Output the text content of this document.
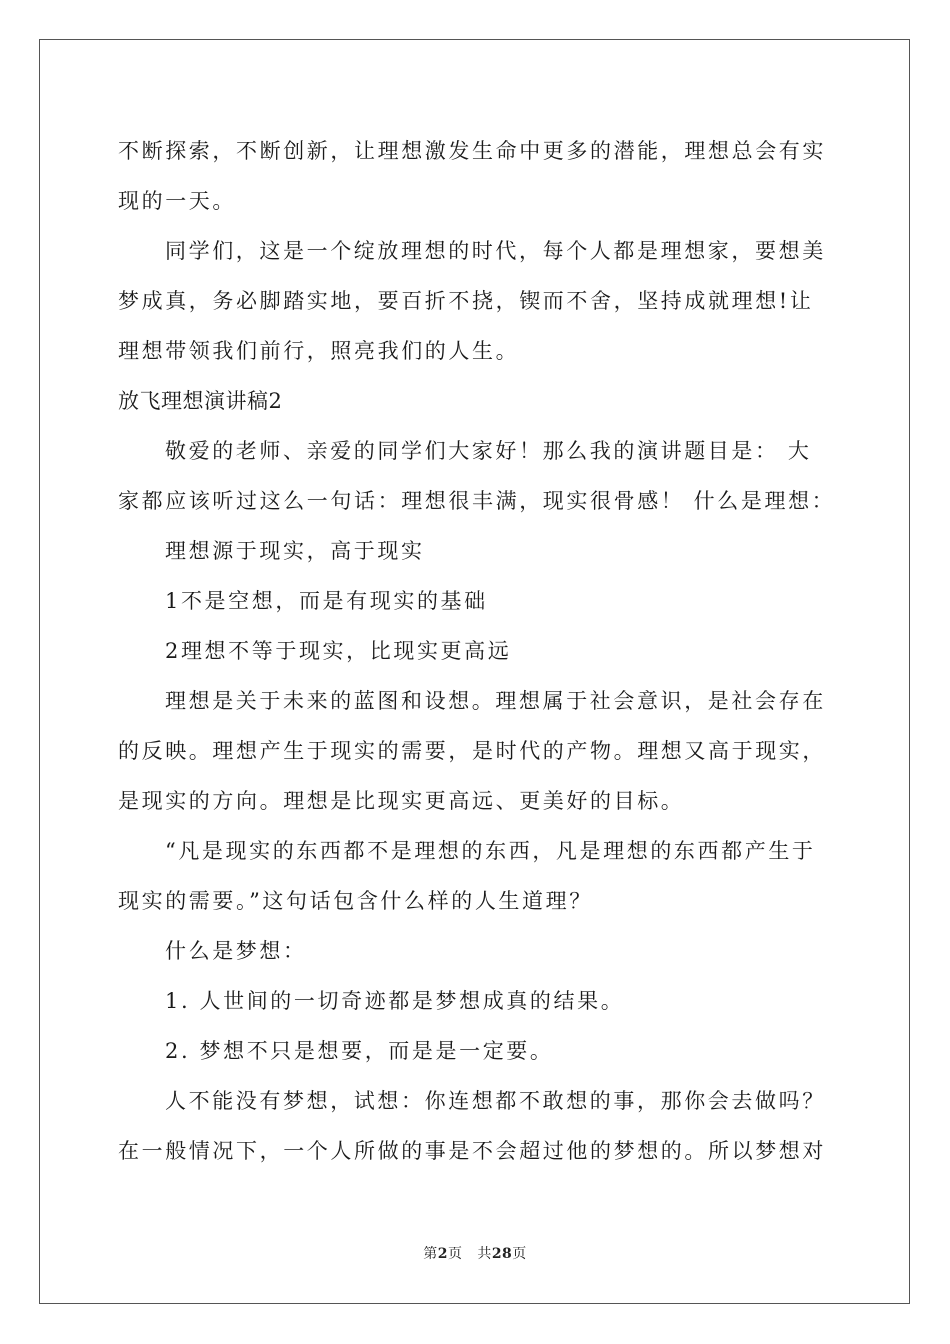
不断探索，不断创新，让理想激发生命中更多的潜能，理想总会有实
现的一天。
同学们，这是一个绽放理想的时代，每个人都是理想家，要想美
梦成真，务必脚踏实地，要百折不挠，锲而不舍，坚持成就理想!让
理想带领我们前行，照亮我们的人生。
放飞理想演讲稿2
敬爱的老师、亲爱的同学们大家好！那么我的演讲题目是： 大
家都应该听过这么一句话：理想很丰满，现实很骨感！ 什么是理想：
理想源于现实，高于现实
1不是空想，而是有现实的基础
2理想不等于现实，比现实更高远
理想是关于未来的蓝图和设想。理想属于社会意识，是社会存在
的反映。理想产生于现实的需要，是时代的产物。理想又高于现实，
是现实的方向。理想是比现实更高远、更美好的目标。
“凡是现实的东西都不是理想的东西，凡是理想的东西都产生于
现实的需要。”这句话包含什么样的人生道理？
什么是梦想：
1. 人世间的一切奇迹都是梦想成真的结果。
2. 梦想不只是想要，而是是一定要。
人不能没有梦想，试想：你连想都不敢想的事，那你会去做吗？
在一般情况下，一个人所做的事是不会超过他的梦想的。所以梦想对
第2页 共28页
